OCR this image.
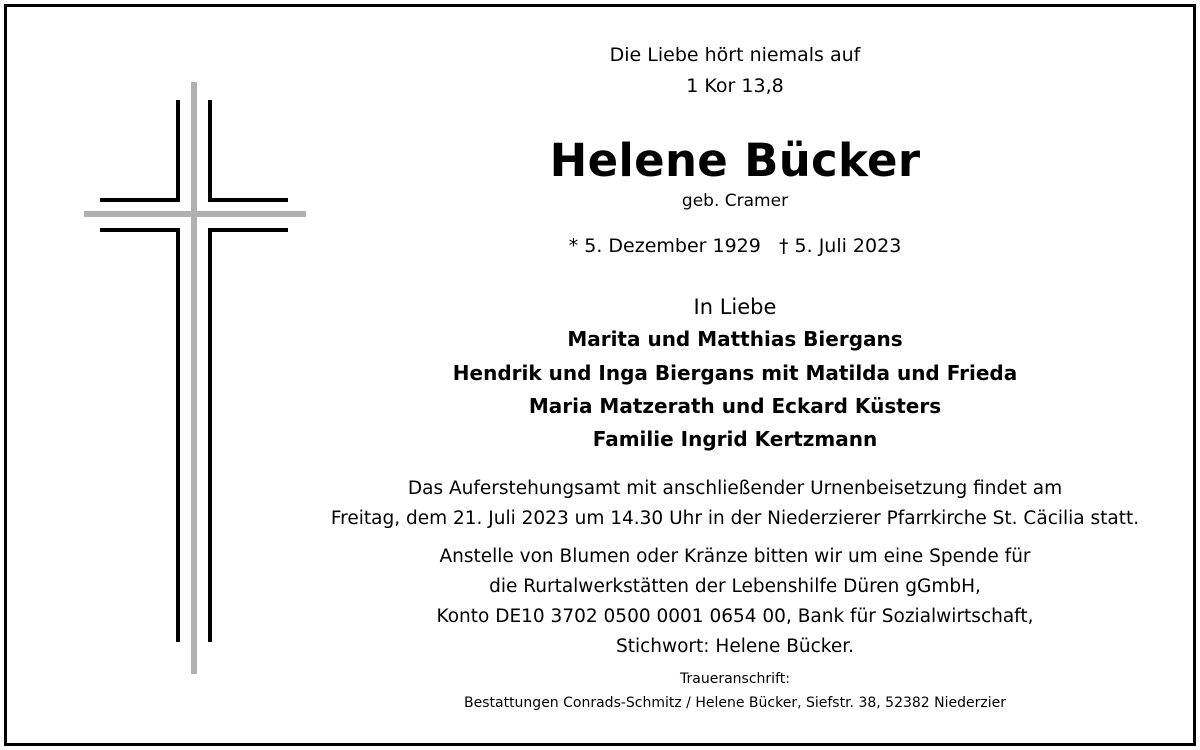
Die Liebe hört niemals auf
1 Kor 13,8
Helene Bücker
geb. Cramer
* 5. Dezember 1929 † 5. Juli 2023
In Liebe
Marita und Matthias Biergans
Hendrik und Inga Biergans mit Matilda und Frieda
Maria Matzerath und Eckard Küsters
Familie Ingrid Kertzmann
Das Auferstehungsamt mit anschließender Urnenbeisetzung findet am
Freitag, dem 21. Juli 2023 um 14.30 Uhr in der Niederzierer Pfarrkirche St. Cäcilia statt.
Anstelle von Blumen oder Kränze bitten wir um eine Spende für
die Rurtalwerkstätten der Lebenshilfe Düren gGmbH,
Konto DE10 3702 0500 0001 0654 00, Bank für Sozialwirtschaft,
Stichwort: Helene Bücker.
Traueranschrift:
Bestattungen Conrads-Schmitz / Helene Bücker, Siefstr. 38, 52382 Niederzier
